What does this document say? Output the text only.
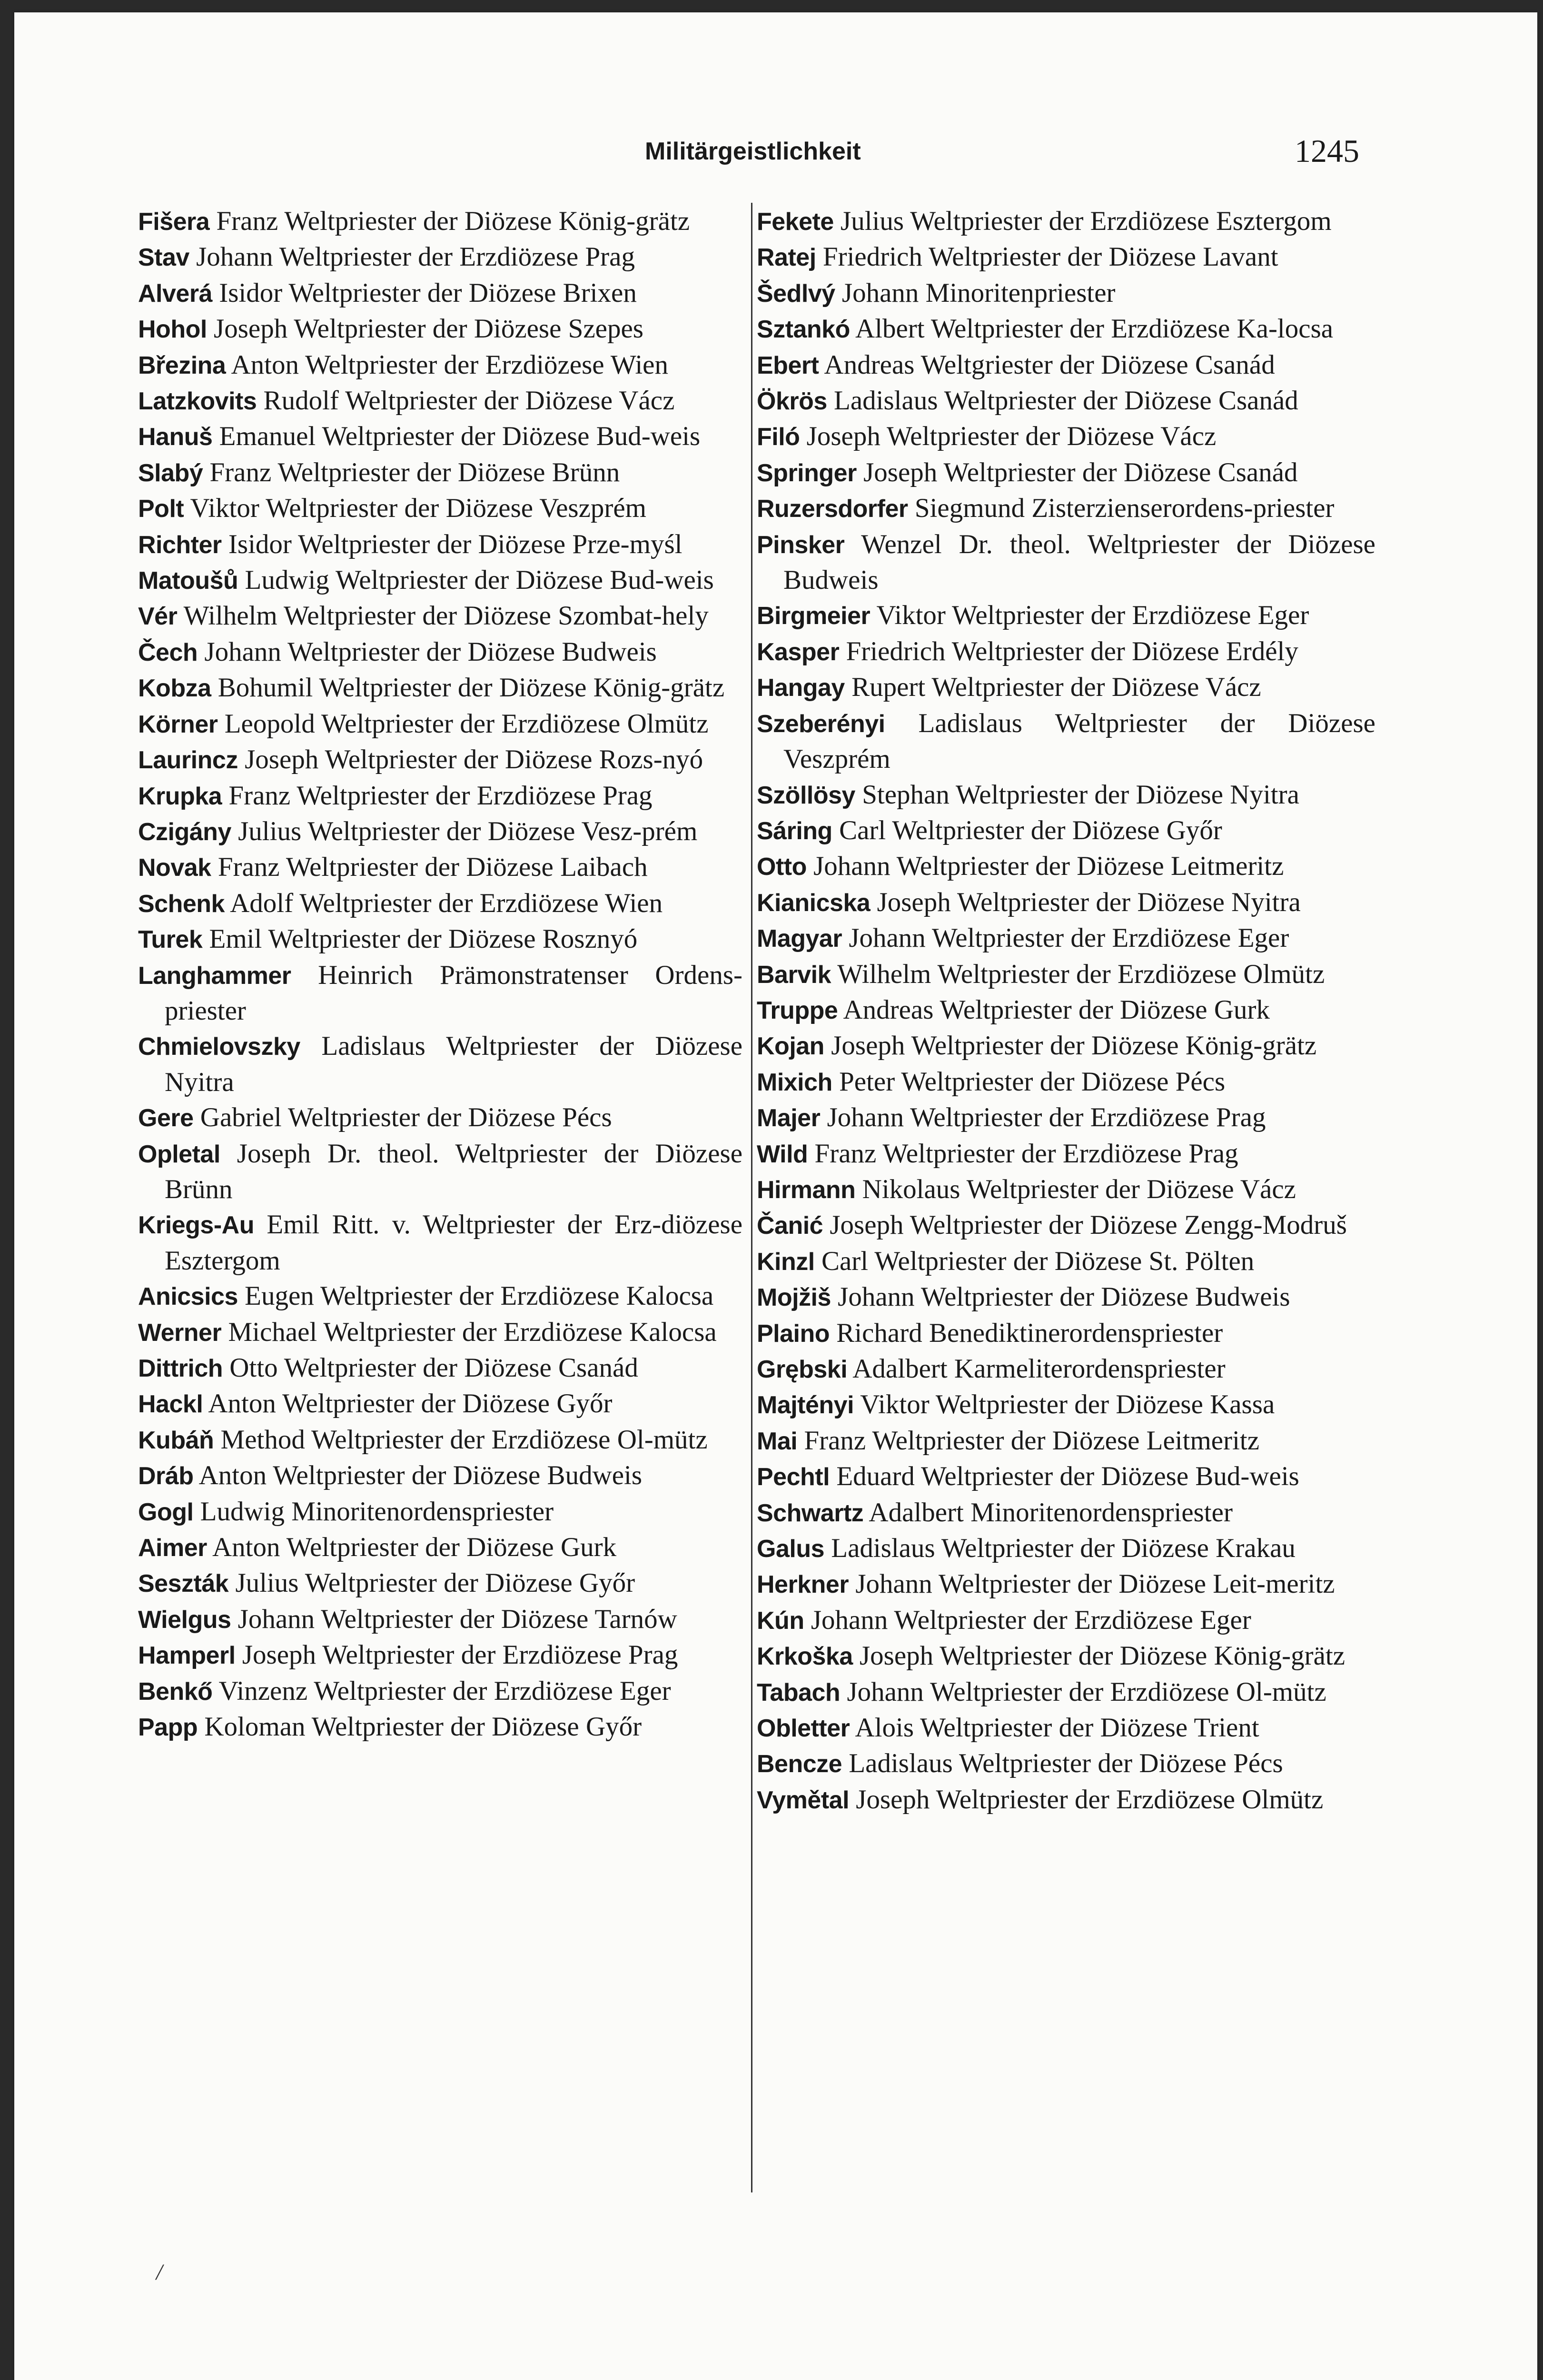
Militärgeistlichkeit	1245

Fišera Franz Weltpriester der Diözese König-grätz

Stav Johann Weltpriester der Erzdiözese Prag

Alverá Isidor Weltpriester der Diözese Brixen

Hohol Joseph Weltpriester der Diözese Szepes

Březina Anton Weltpriester der Erzdiözese Wien

Latzkovits Rudolf Weltpriester der Diözese Vácz

Hanuš Emanuel Weltpriester der Diözese Bud-weis

Slabý Franz Weltpriester der Diözese Brünn

Polt Viktor Weltpriester der Diözese Veszprém

Richter Isidor Weltpriester der Diözese Prze-myśl

Matoušů Ludwig Weltpriester der Diözese Bud-weis

Vér Wilhelm Weltpriester der Diözese Szombat-hely

Čech Johann Weltpriester der Diözese Budweis

Kobza Bohumil Weltpriester der Diözese König-grätz

Körner Leopold Weltpriester der Erzdiözese Olmütz

Laurincz Joseph Weltpriester der Diözese Rozs-nyó

Krupka Franz Weltpriester der Erzdiözese Prag

Czigány Julius Weltpriester der Diözese Vesz-prém

Novak Franz Weltpriester der Diözese Laibach

Schenk Adolf Weltpriester der Erzdiözese Wien

Turek Emil Weltpriester der Diözese Rosznyó

Langhammer Heinrich Prämonstratenser Ordens-priester

Chmielovszky Ladislaus Weltpriester der Diözese Nyitra

Gere Gabriel Weltpriester der Diözese Pécs

Opletal Joseph Dr. theol. Weltpriester der Diözese Brünn

Kriegs-Au Emil Ritt. v. Weltpriester der Erz-diözese Esztergom

Anicsics Eugen Weltpriester der Erzdiözese Kalocsa

Werner Michael Weltpriester der Erzdiözese Kalocsa

Dittrich Otto Weltpriester der Diözese Csanád

Hackl Anton Weltpriester der Diözese Győr

Kubáň Method Weltpriester der Erzdiözese Ol-mütz

Dráb Anton Weltpriester der Diözese Budweis

Gogl Ludwig Minoritenordenspriester

Aimer Anton Weltpriester der Diözese Gurk

Seszták Julius Weltpriester der Diözese Győr

Wielgus Johann Weltpriester der Diözese Tarnów

Hamperl Joseph Weltpriester der Erzdiözese Prag

Benkő Vinzenz Weltpriester der Erzdiözese Eger

Papp Koloman Weltpriester der Diözese Győr

Fekete Julius Weltpriester der Erzdiözese Esztergom

Ratej Friedrich Weltpriester der Diözese Lavant

Šedlvý Johann Minoritenpriester

Sztankó Albert Weltpriester der Erzdiözese Ka-locsa

Ebert Andreas Weltgriester der Diözese Csanád

Ökrös Ladislaus Weltpriester der Diözese Csanád

Filó Joseph Weltpriester der Diözese Vácz

Springer Joseph Weltpriester der Diözese Csanád

Ruzersdorfer Siegmund Zisterzienserordens-priester

Pinsker Wenzel Dr. theol. Weltpriester der Diözese Budweis

Birgmeier Viktor Weltpriester der Erzdiözese Eger

Kasper Friedrich Weltpriester der Diözese Erdély

Hangay Rupert Weltpriester der Diözese Vácz

Szeberényi Ladislaus Weltpriester der Diözese Veszprém

Szöllösy Stephan Weltpriester der Diözese Nyitra

Sáring Carl Weltpriester der Diözese Győr

Otto Johann Weltpriester der Diözese Leitmeritz

Kianicska Joseph Weltpriester der Diözese Nyitra

Magyar Johann Weltpriester der Erzdiözese Eger

Barvik Wilhelm Weltpriester der Erzdiözese Olmütz

Truppe Andreas Weltpriester der Diözese Gurk

Kojan Joseph Weltpriester der Diözese König-grätz

Mixich Peter Weltpriester der Diözese Pécs

Majer Johann Weltpriester der Erzdiözese Prag

Wild Franz Weltpriester der Erzdiözese Prag

Hirmann Nikolaus Weltpriester der Diözese Vácz

Čanić Joseph Weltpriester der Diözese Zengg-Modruš

Kinzl Carl Weltpriester der Diözese St. Pölten

Mojžiš Johann Weltpriester der Diözese Budweis

Plaino Richard Benediktinerordenspriester

Grębski Adalbert Karmeliterordenspriester

Majtényi Viktor Weltpriester der Diözese Kassa

Mai Franz Weltpriester der Diözese Leitmeritz

Pechtl Eduard Weltpriester der Diözese Bud-weis

Schwartz Adalbert Minoritenordenspriester

Galus Ladislaus Weltpriester der Diözese Krakau

Herkner Johann Weltpriester der Diözese Leit-meritz

Kún Johann Weltpriester der Erzdiözese Eger

Krkoška Joseph Weltpriester der Diözese König-grätz

Tabach Johann Weltpriester der Erzdiözese Ol-mütz

Obletter Alois Weltpriester der Diözese Trient

Bencze Ladislaus Weltpriester der Diözese Pécs

Vymětal Joseph Weltpriester der Erzdiözese Olmütz

/
